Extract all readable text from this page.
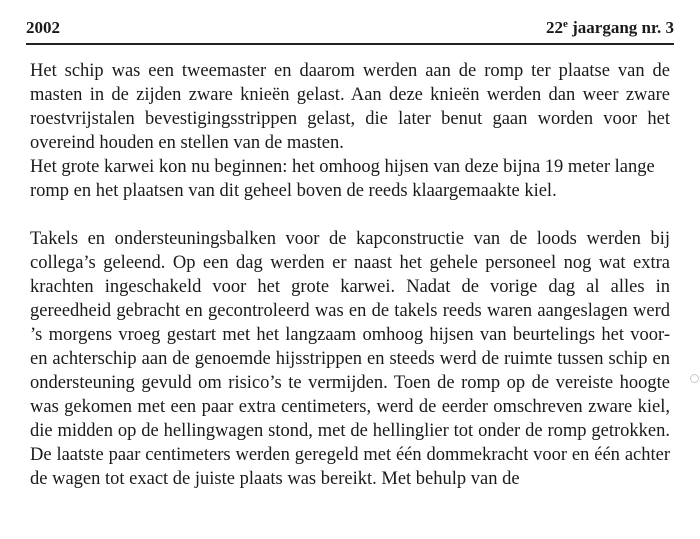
2002	22e jaargang nr. 3

Het schip was een tweemaster en daarom werden aan de romp ter plaatse van de masten in de zijden zware knieën gelast. Aan deze knieën werden dan weer zware roestvrijstalen bevestigingsstrippen gelast, die later benut gaan worden voor het overeind houden en stellen van de masten.

Het grote karwei kon nu beginnen: het omhoog hijsen van deze bijna 19 meter lange romp en het plaatsen van dit geheel boven de reeds klaargemaakte kiel.

Takels en ondersteuningsbalken voor de kapconstructie van de loods werden bij collega’s geleend. Op een dag werden er naast het gehele personeel nog wat extra krachten ingeschakeld voor het grote karwei. Nadat de vorige dag al alles in gereedheid gebracht en gecontroleerd was en de takels reeds waren aangeslagen werd ’s morgens vroeg gestart met het langzaam omhoog hijsen van beurtelings het voor- en achterschip aan de genoemde hijsstrippen en steeds werd de ruimte tussen schip en ondersteuning gevuld om risico’s te vermijden. Toen de romp op de vereiste hoogte was gekomen met een paar extra centimeters, werd de eerder omschreven zware kiel, die midden op de hellingwagen stond, met de hellinglier tot onder de romp getrokken. De laatste paar centimeters werden geregeld met één dommekracht voor en één achter de wagen tot exact de juiste plaats was bereikt. Met behulp van de
